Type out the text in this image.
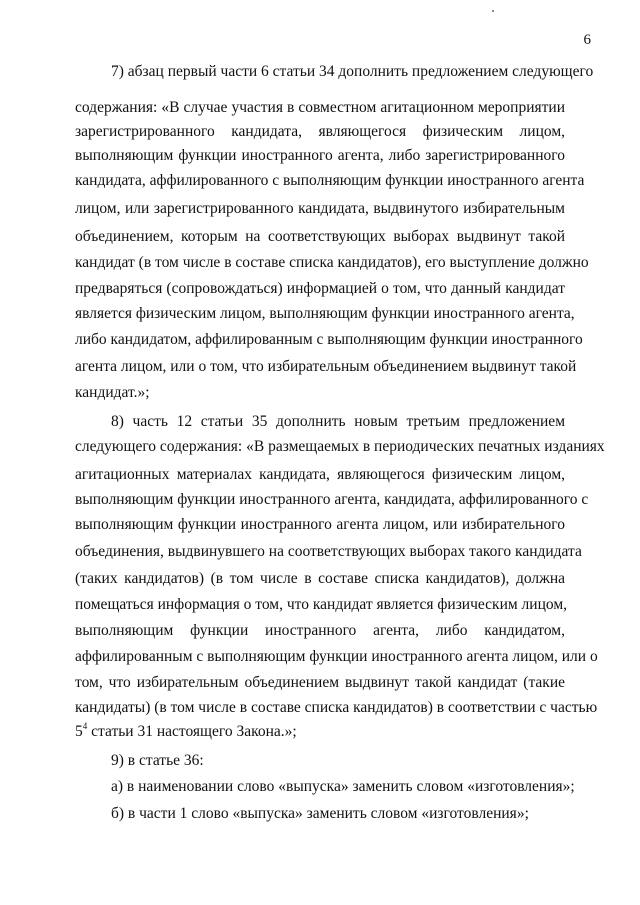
6
7) абзац первый части 6 статьи 34 дополнить предложением следующего
содержания: «В случае участия в совместном агитационном мероприятии
зарегистрированного кандидата, являющегося физическим лицом,
выполняющим функции иностранного агента, либо зарегистрированного
кандидата, аффилированного с выполняющим функции иностранного агента
лицом, или зарегистрированного кандидата, выдвинутого избирательным
объединением, которым на соответствующих выборах выдвинут такой
кандидат (в том числе в составе списка кандидатов), его выступление должно
предваряться (сопровождаться) информацией о том, что данный кандидат
является физическим лицом, выполняющим функции иностранного агента,
либо кандидатом, аффилированным с выполняющим функции иностранного
агента лицом, или о том, что избирательным объединением выдвинут такой
кандидат.»;
8) часть 12 статьи 35 дополнить новым третьим предложением
следующего содержания: «В размещаемых в периодических печатных изданиях
агитационных материалах кандидата, являющегося физическим лицом,
выполняющим функции иностранного агента, кандидата, аффилированного с
выполняющим функции иностранного агента лицом, или избирательного
объединения, выдвинувшего на соответствующих выборах такого кандидата
(таких кандидатов) (в том числе в составе списка кандидатов), должна
помещаться информация о том, что кандидат является физическим лицом,
выполняющим функции иностранного агента, либо кандидатом,
аффилированным с выполняющим функции иностранного агента лицом, или о
том, что избирательным объединением выдвинут такой кандидат (такие
кандидаты) (в том числе в составе списка кандидатов) в соответствии с частью
$5^4$ статьи 31 настоящего Закона.»;
9) в статье 36:
а) в наименовании слово «выпуска» заменить словом «изготовления»;
б) в части 1 слово «выпуска» заменить словом «изготовления»;
